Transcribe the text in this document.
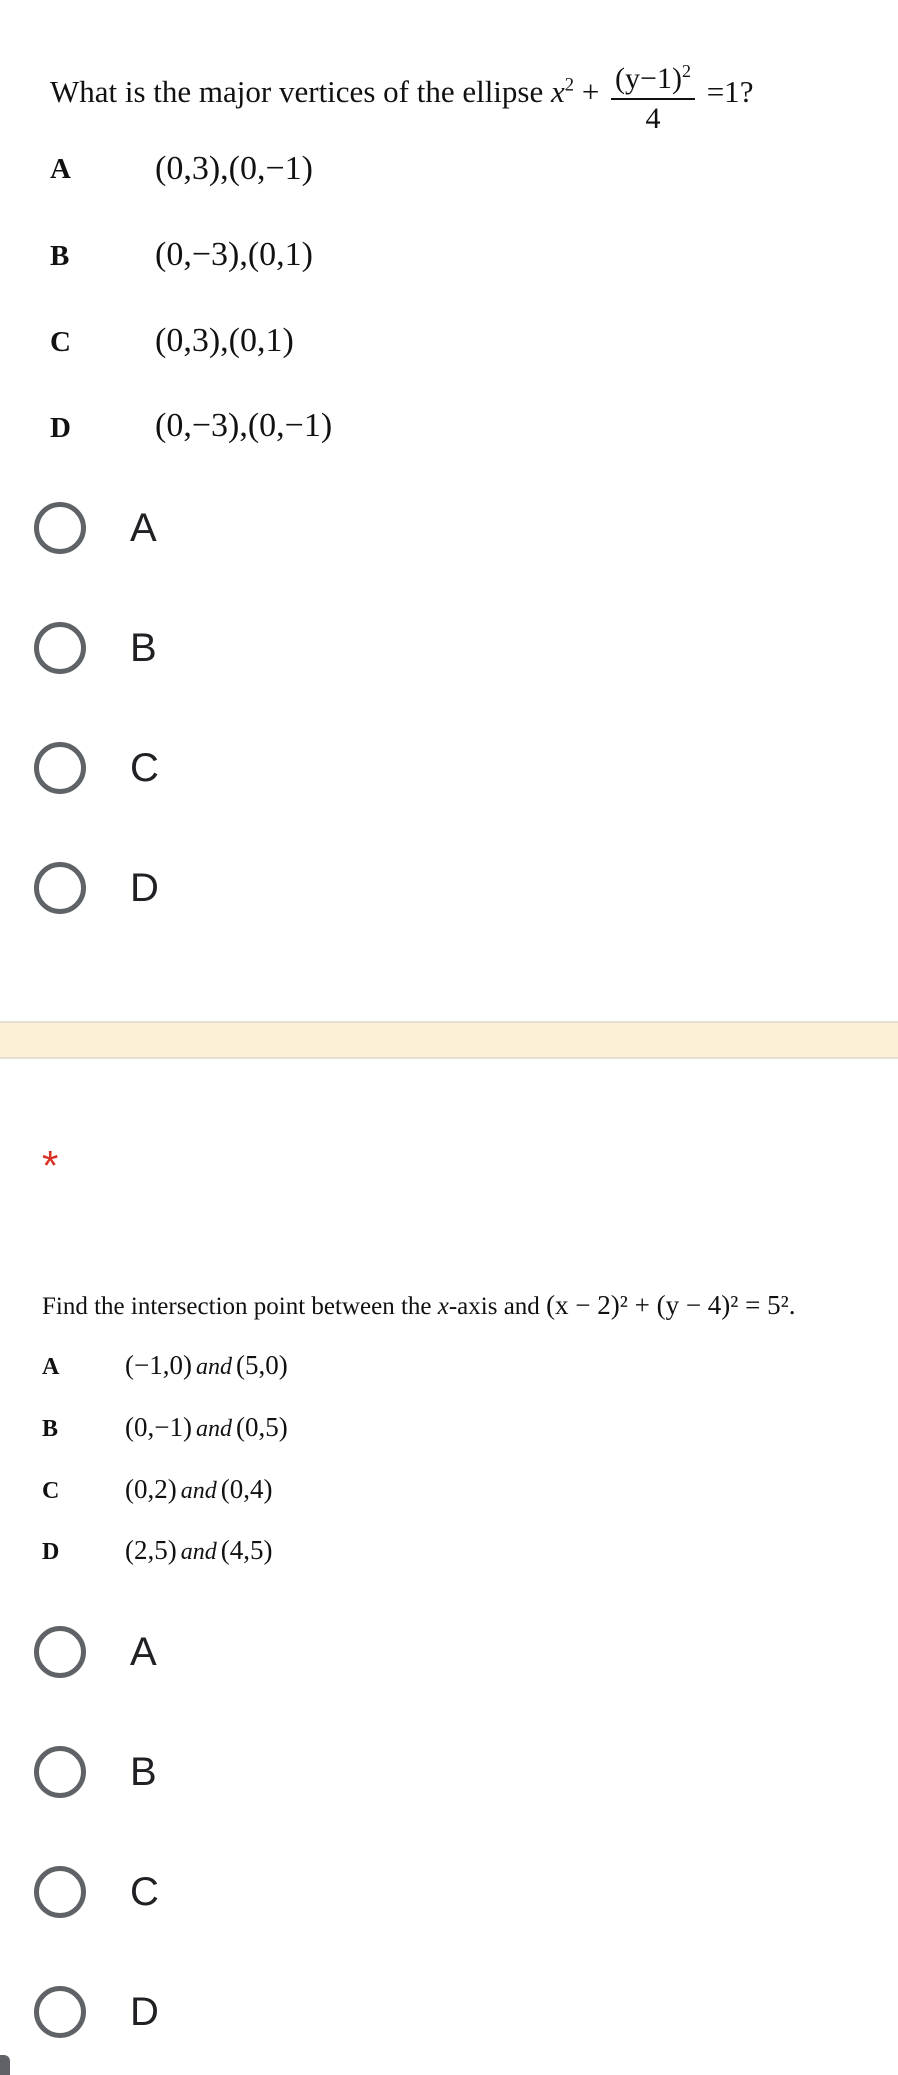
What is the major vertices of the ellipse $x^2 + \frac{(y-1)^2}{4} =1$?
A (0,3),(0,−1)
B	(0,−3),(0,1)
C (0,3),(0,1)
D (0,−3),(0,−1)
A
B
C
D
*
Find the intersection point between the x-axis and (x − 2)² + (y − 4)² = 5².
A (−1,0) and (5,0)
B (0,−1) and (0,5)
C (0,2) and (0,4)
D (2,5) and (4,5)
A
B
C
D
